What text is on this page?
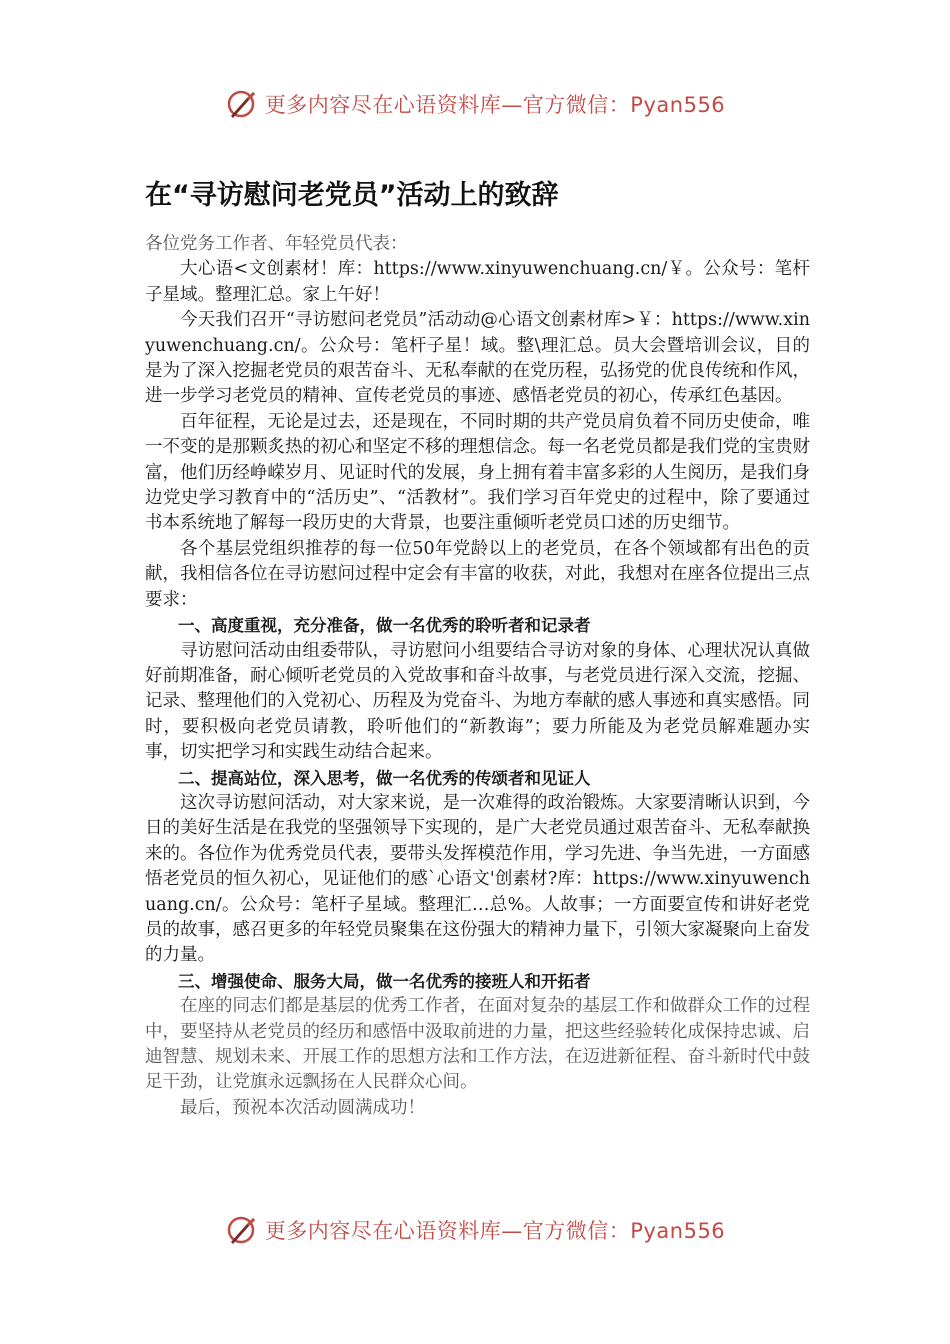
更多内容尽在心语资料库—官方微信：Pyan556
在“寻访慰问老党员”活动上的致辞

各位党务工作者、年轻党员代表：

大心语<文创素材！库：https://www.xinyuwenchuang.cn/￥。公众号：笔杆子星域。整理汇总。家上午好！

今天我们召开“寻访慰问老党员”活动动@心语文创素材库>￥：https://www.xinyuwenchuang.cn/。公众号：笔杆子星！域。整\理汇总。员大会暨培训会议，目的是为了深入挖掘老党员的艰苦奋斗、无私奉献的在党历程，弘扬党的优良传统和作风，进一步学习老党员的精神、宣传老党员的事迹、感悟老党员的初心，传承红色基因。

百年征程，无论是过去，还是现在，不同时期的共产党员肩负着不同历史使命，唯一不变的是那颗炙热的初心和坚定不移的理想信念。每一名老党员都是我们党的宝贵财富，他们历经峥嵘岁月、见证时代的发展，身上拥有着丰富多彩的人生阅历，是我们身边党史学习教育中的“活历史”、“活教材”。我们学习百年党史的过程中，除了要通过书本系统地了解每一段历史的大背景，也要注重倾听老党员口述的历史细节。

各个基层党组织推荐的每一位50年党龄以上的老党员，在各个领域都有出色的贡献，我相信各位在寻访慰问过程中定会有丰富的收获，对此，我想对在座各位提出三点要求：

一、高度重视，充分准备，做一名优秀的聆听者和记录者

寻访慰问活动由组委带队，寻访慰问小组要结合寻访对象的身体、心理状况认真做好前期准备，耐心倾听老党员的入党故事和奋斗故事，与老党员进行深入交流，挖掘、记录、整理他们的入党初心、历程及为党奋斗、为地方奉献的感人事迹和真实感悟。同时，要积极向老党员请教，聆听他们的“新教诲”；要力所能及为老党员解难题办实事，切实把学习和实践生动结合起来。

二、提高站位，深入思考，做一名优秀的传颂者和见证人

这次寻访慰问活动，对大家来说，是一次难得的政治锻炼。大家要清晰认识到，今日的美好生活是在我党的坚强领导下实现的，是广大老党员通过艰苦奋斗、无私奉献换来的。各位作为优秀党员代表，要带头发挥模范作用，学习先进、争当先进，一方面感悟老党员的恒久初心，见证他们的感`心语文'创素材?库：https://www.xinyuwenchuang.cn/。公众号：笔杆子星域。整理汇…总%。人故事；一方面要宣传和讲好老党员的故事，感召更多的年轻党员聚集在这份强大的精神力量下，引领大家凝聚向上奋发的力量。

三、增强使命、服务大局，做一名优秀的接班人和开拓者

在座的同志们都是基层的优秀工作者，在面对复杂的基层工作和做群众工作的过程中，要坚持从老党员的经历和感悟中汲取前进的力量，把这些经验转化成保持忠诚、启迪智慧、规划未来、开展工作的思想方法和工作方法，在迈进新征程、奋斗新时代中鼓足干劲，让党旗永远飘扬在人民群众心间。

最后，预祝本次活动圆满成功！

更多内容尽在心语资料库—官方微信：Pyan556
